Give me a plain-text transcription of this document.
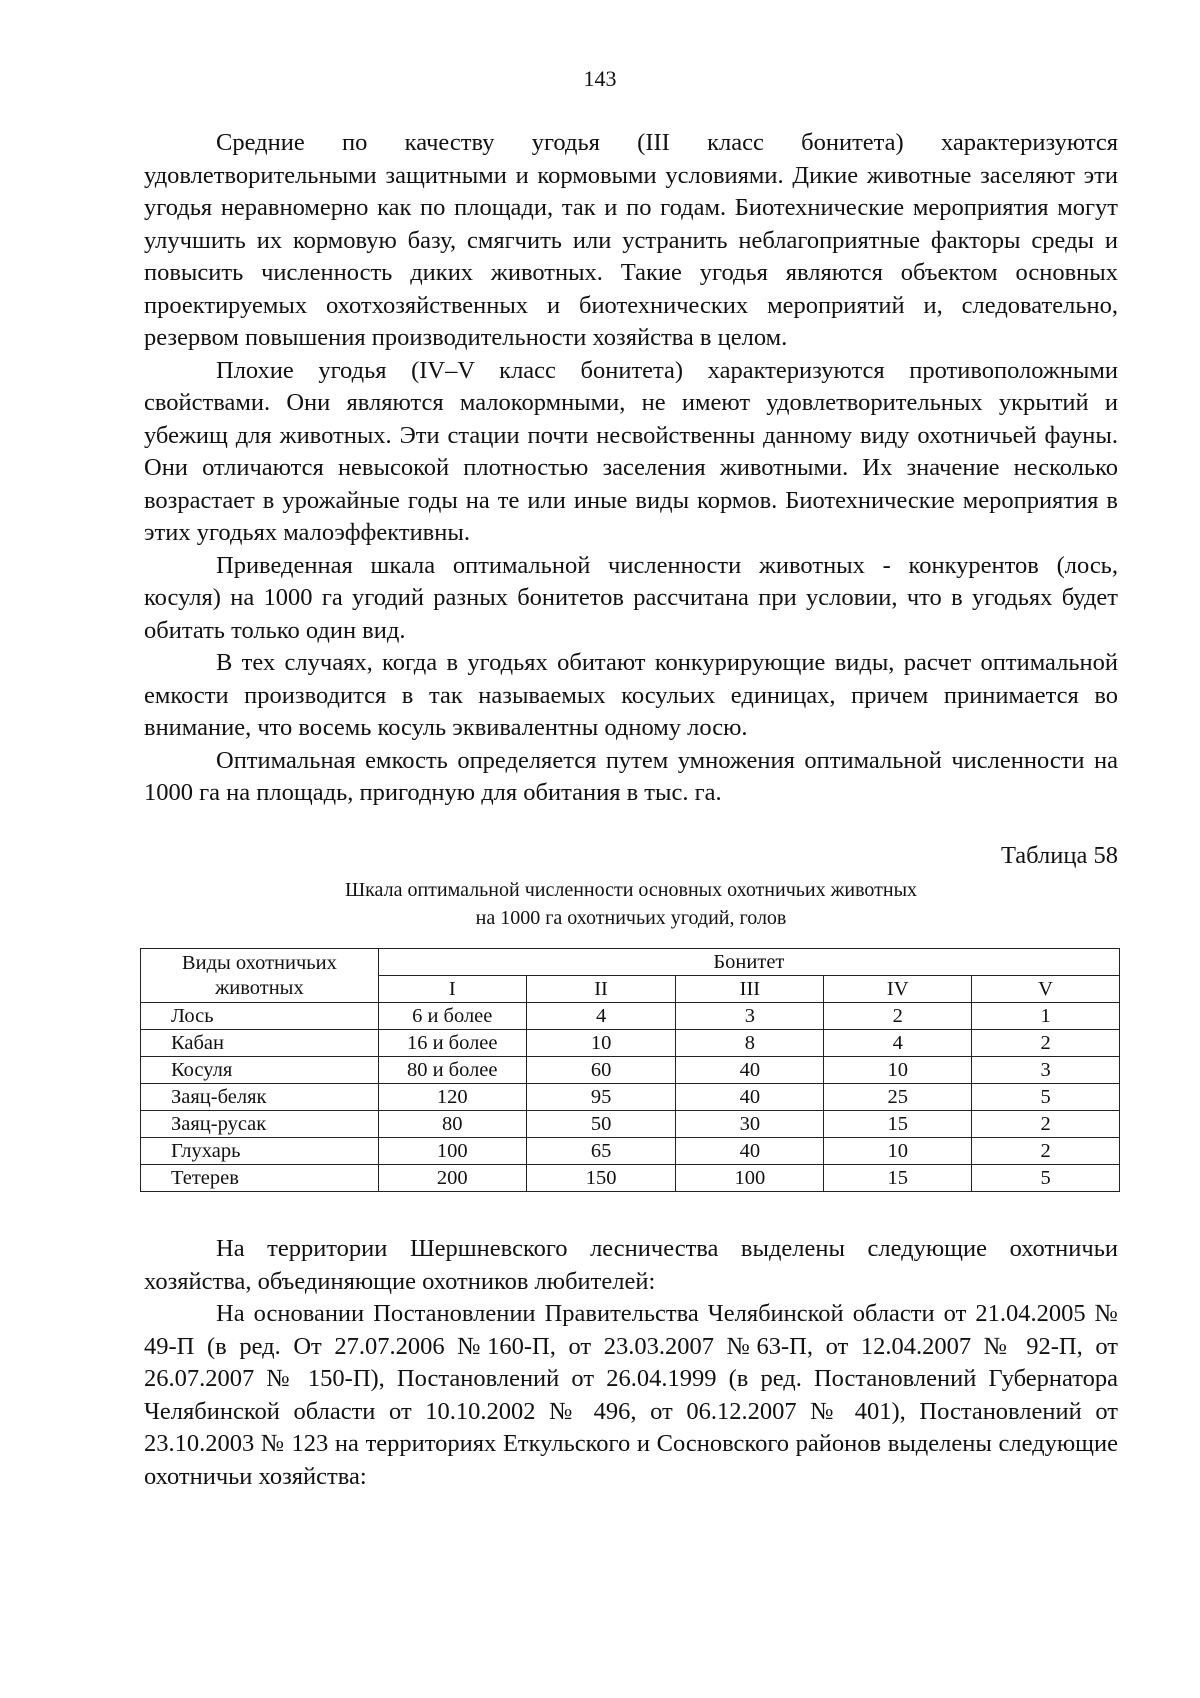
143

Средние по качеству угодья (III класс бонитета) характеризуются удовлетворительными защитными и кормовыми условиями. Дикие животные заселяют эти угодья неравномерно как по площади, так и по годам. Биотехнические мероприятия могут улучшить их кормовую базу, смягчить или устранить неблагоприятные факторы среды и повысить численность диких животных. Такие угодья являются объектом основных проектируемых охотхозяйственных и биотехнических мероприятий и, следовательно, резервом повышения производительности хозяйства в целом.

Плохие угодья (IV–V класс бонитета) характеризуются противоположными свойствами. Они являются малокормными, не имеют удовлетворительных укрытий и убежищ для животных. Эти стации почти несвойственны данному виду охотничьей фауны. Они отличаются невысокой плотностью заселения животными. Их значение несколько возрастает в урожайные годы на те или иные виды кормов. Биотехнические мероприятия в этих угодьях малоэффективны.

Приведенная шкала оптимальной численности животных - конкурентов (лось, косуля) на 1000 га угодий разных бонитетов рассчитана при условии, что в угодьях будет обитать только один вид.

В тех случаях, когда в угодьях обитают конкурирующие виды, расчет оптимальной емкости производится в так называемых косульих единицах, причем принимается во внимание, что восемь косуль эквивалентны одному лосю.

Оптимальная емкость определяется путем умножения оптимальной численности на 1000 га на площадь, пригодную для обитания в тыс. га.

Таблица 58
Шкала оптимальной численности основных охотничьих животных
на 1000 га охотничьих угодий, голов
Виды охотничьих
животных	Бонитет				
	I	II	III	IV	V
Лось	6 и более	4	3	2	1
Кабан	16 и более	10	8	4	2
Косуля	80 и более	60	40	10	3
Заяц-беляк	120	95	40	25	5
Заяц-русак	80	50	30	15	2
Глухарь	100	65	40	10	2
Тетерев	200	150	100	15	5

На территории Шершневского лесничества выделены следующие охотничьи хозяйства, объединяющие охотников любителей:

На основании Постановлении Правительства Челябинской области от 21.04.2005 № 49-П (в ред. От 27.07.2006 №160-П, от 23.03.2007 №63-П, от 12.04.2007 № 92-П, от 26.07.2007 № 150-П), Постановлений от 26.04.1999 (в ред. Постановлений Губернатора Челябинской области от 10.10.2002 № 496, от 06.12.2007 № 401), Постановлений от 23.10.2003 № 123 на территориях Еткульского и Сосновского районов выделены следующие охотничьи хозяйства:
